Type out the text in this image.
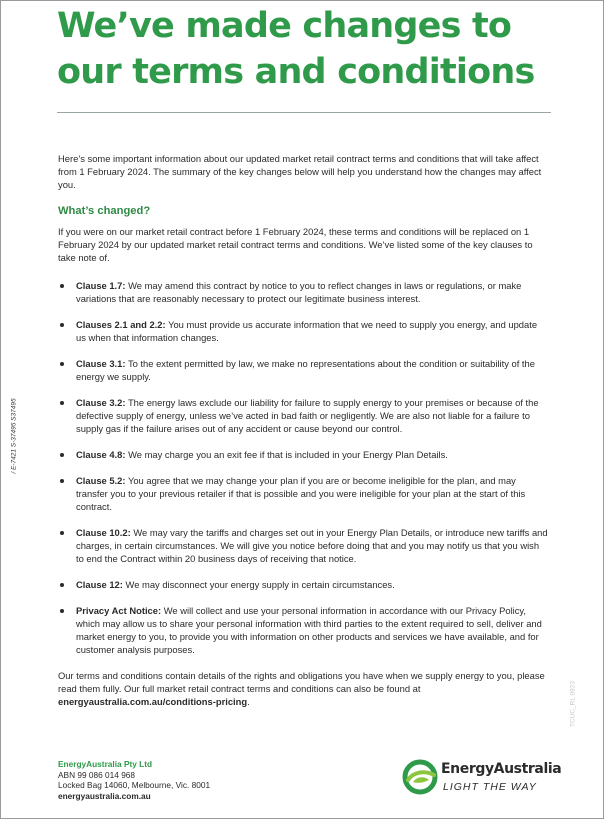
We’ve made changes to our terms and conditions
/ E-7421 S-37495 S37495

Here’s some important information about our updated market retail contract terms and conditions that will take affect from 1 February 2024. The summary of the key changes below will help you understand how the changes may affect you.

What’s changed?

If you were on our market retail contract before 1 February 2024, these terms and conditions will be replaced on 1 February 2024 by our updated market retail contract terms and conditions. We’ve listed some of the key clauses to take note of.

Clause 1.7: We may amend this contract by notice to you to reflect changes in laws or regulations, or make variations that are reasonably necessary to protect our legitimate business interest.
Clauses 2.1 and 2.2: You must provide us accurate information that we need to supply you energy, and update us when that information changes.
Clause 3.1: To the extent permitted by law, we make no representations about the condition or suitability of the energy we supply.
Clause 3.2: The energy laws exclude our liability for failure to supply energy to your premises or because of the defective supply of energy, unless we’ve acted in bad faith or negligently. We are also not liable for a failure to supply gas if the failure arises out of any accident or cause beyond our control.
Clause 4.8: We may charge you an exit fee if that is included in your Energy Plan Details.
Clause 5.2: You agree that we may change your plan if you are or become ineligible for the plan, and may transfer you to your previous retailer if that is possible and you were ineligible for your plan at the start of this contract.
Clause 10.2: We may vary the tariffs and charges set out in your Energy Plan Details, or introduce new tariffs and charges, in certain circumstances. We will give you notice before doing that and you may notify us that you wish to end the Contract within 20 business days of receiving that notice.
Clause 12: We may disconnect your energy supply in certain circumstances.
Privacy Act Notice: We will collect and use your personal information in accordance with our Privacy Policy, which may allow us to share your personal information with third parties to the extent required to sell, deliver and market energy to you, to provide you with information on other products and services we have available, and for customer analysis purposes.

Our terms and conditions contain details of the rights and obligations you have when we supply energy to you, please read them fully. Our full market retail contract terms and conditions can also be found at energyaustralia.com.au/conditions-pricing.	TCUC_RL 0923
EnergyAustralia Pty Ltd
ABN 99 086 014 968
Locked Bag 14060, Melbourne, Vic. 8001
energyaustralia.com.au
EnergyAustralia
LIGHT THE WAY
